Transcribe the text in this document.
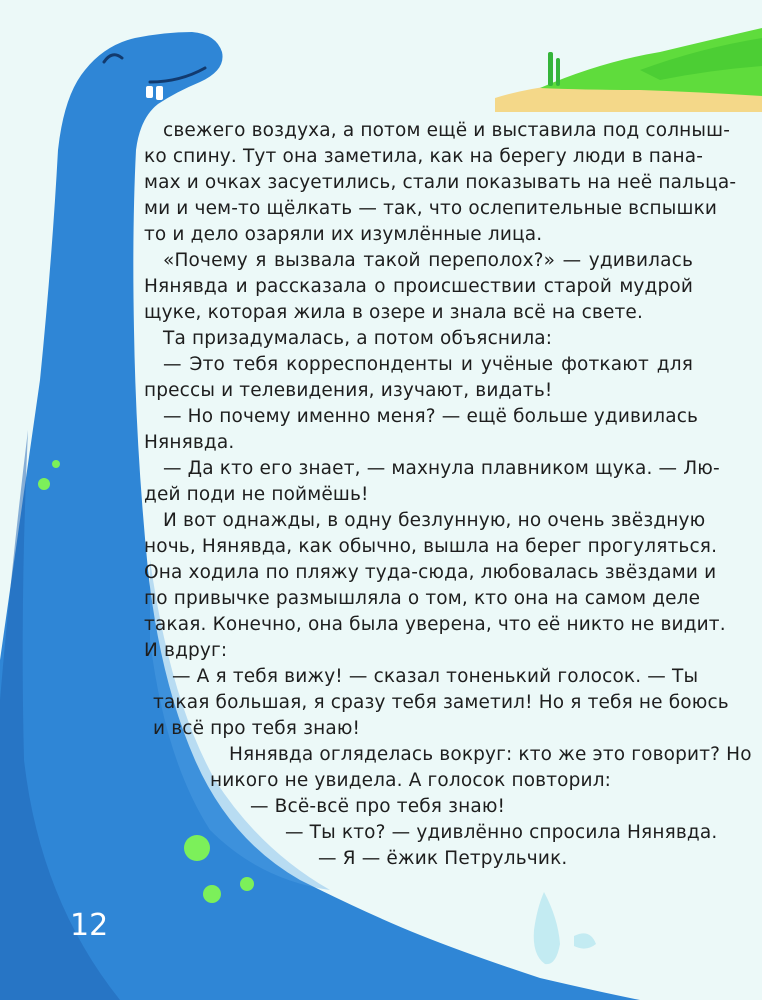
свежего воздуха, а потом ещё и выставила под солныш-
ко спину. Тут она заметила, как на берегу люди в пана-
мах и очках засуетились, стали показывать на неё пальца-
ми и чем-то щёлкать — так, что ослепительные вспышки
то и дело озаряли их изумлённые лица.
«Почему я вызвала такой переполох?» — удивилась
Нянявда и рассказала о происшествии старой мудрой
щуке, которая жила в озере и знала всё на свете.
Та призадумалась, а потом объяснила:
— Это тебя корреспонденты и учёные фоткают для
прессы и телевидения, изучают, видать!
— Но почему именно меня? — ещё больше удивилась
Нянявда.
— Да кто его знает, — махнула плавником щука. — Лю-
дей поди не поймёшь!
И вот однажды, в одну безлунную, но очень звёздную
ночь, Нянявда, как обычно, вышла на берег прогуляться.
Она ходила по пляжу туда-сюда, любовалась звёздами и
по привычке размышляла о том, кто она на самом деле
такая. Конечно, она была уверена, что её никто не видит.
И вдруг:
— А я тебя вижу! — сказал тоненький голосок. — Ты
такая большая, я сразу тебя заметил! Но я тебя не боюсь
и всё про тебя знаю!
Нянявда огляделась вокруг: кто же это говорит? Но
никого не увидела. А голосок повторил:
— Всё-всё про тебя знаю!
— Ты кто? — удивлённо спросила Нянявда.
— Я — ёжик Петрульчик.
12
